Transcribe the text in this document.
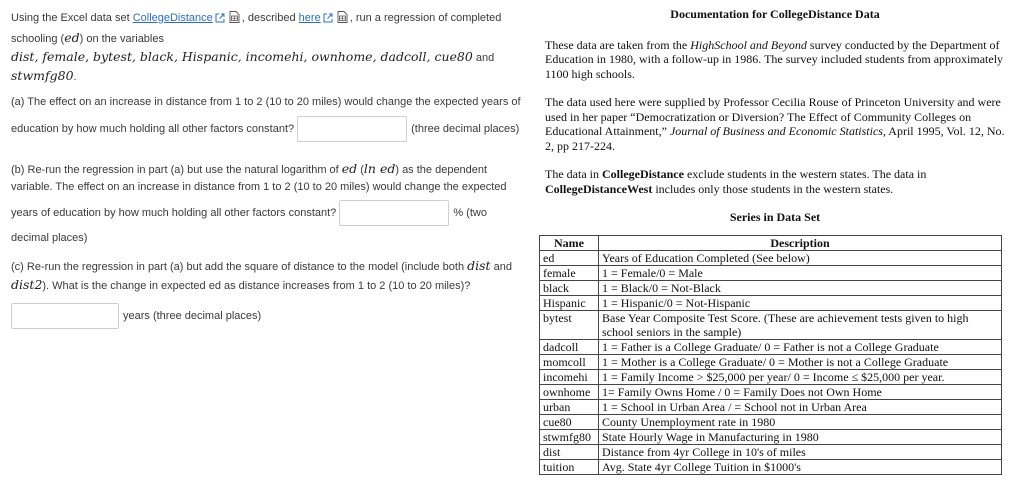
Using the Excel data set CollegeDistance	, described here	, run a regression of completed
schooling (ed) on the variables
dist, female, bytest, black, Hispanic, incomehi, ownhome, dadcoll, cue80 and
stwmfg80.
(a) The effect on an increase in distance from 1 to 2 (10 to 20 miles) would change the expected years of
education by how much holding all other factors constant?	(three decimal places)
(b) Re-run the regression in part (a) but use the natural logarithm of ed (ln ed) as the dependent
variable. The effect on an increase in distance from 1 to 2 (10 to 20 miles) would change the expected
years of education by how much holding all other factors constant?	% (two
decimal places)
(c) Re-run the regression in part (a) but add the square of distance to the model (include both dist and
dist2). What is the change in expected ed as distance increases from 1 to 2 (10 to 20 miles)?
years (three decimal places)
Documentation for CollegeDistance Data

These data are taken from the HighSchool and Beyond survey conducted by the Department of Education in 1980, with a follow-up in 1986. The survey included students from approximately 1100 high schools.

The data used here were supplied by Professor Cecilia Rouse of Princeton University and were used in her paper “Democratization or Diversion? The Effect of Community Colleges on Educational Attainment,” Journal of Business and Economic Statistics, April 1995, Vol. 12, No. 2, pp 217-224.

The data in CollegeDistance exclude students in the western states. The data in CollegeDistanceWest includes only those students in the western states.

Series in Data Set
Name	Description
ed	Years of Education Completed (See below)
female	1 = Female/0 = Male
black	1 = Black/0 = Not-Black
Hispanic	1 = Hispanic/0 = Not-Hispanic
bytest	Base Year Composite Test Score. (These are achievement tests given to high school seniors in the sample)
dadcoll	1 = Father is a College Graduate/ 0 = Father is not a College Graduate
momcoll	1 = Mother is a College Graduate/ 0 = Mother is not a College Graduate
incomehi	1 = Family Income > $25,000 per year/ 0 = Income ≤ $25,000 per year.
ownhome	1= Family Owns Home / 0 = Family Does not Own Home
urban	1 = School in Urban Area / = School not in Urban Area
cue80	County Unemployment rate in 1980
stwmfg80	State Hourly Wage in Manufacturing in 1980
dist	Distance from 4yr College in 10's of miles
tuition	Avg. State 4yr College Tuition in $1000's
